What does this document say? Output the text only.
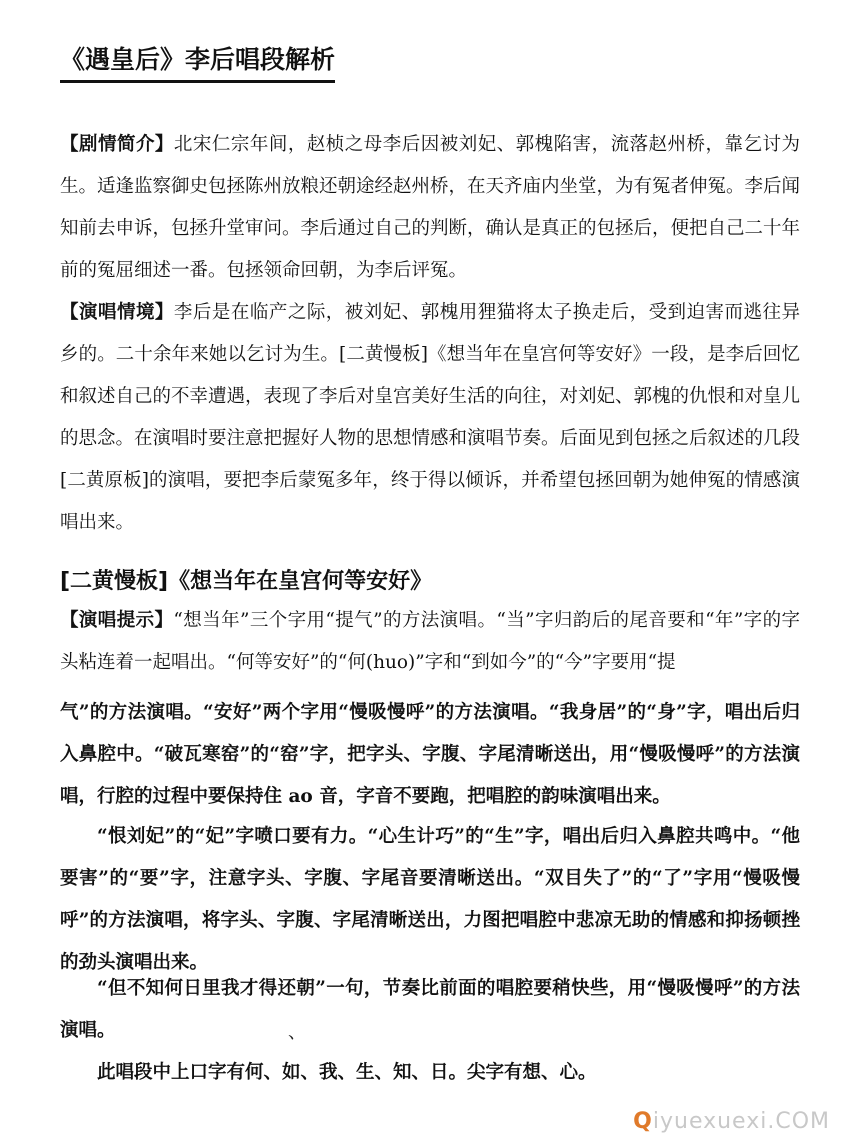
《遇皇后》李后唱段解析

【剧情简介】北宋仁宗年间，赵桢之母李后因被刘妃、郭槐陷害，流落赵州桥，靠乞讨为生。适逢监察御史包拯陈州放粮还朝途经赵州桥，在天齐庙内坐堂，为有冤者伸冤。李后闻知前去申诉，包拯升堂审问。李后通过自己的判断，确认是真正的包拯后，便把自己二十年前的冤屈细述一番。包拯领命回朝，为李后评冤。

【演唱情境】李后是在临产之际，被刘妃、郭槐用狸猫将太子换走后，受到迫害而逃往异乡的。二十余年来她以乞讨为生。[二黄慢板]《想当年在皇宫何等安好》一段，是李后回忆和叙述自己的不幸遭遇，表现了李后对皇宫美好生活的向往，对刘妃、郭槐的仇恨和对皇儿的思念。在演唱时要注意把握好人物的思想情感和演唱节奏。后面见到包拯之后叙述的几段[二黄原板]的演唱，要把李后蒙冤多年，终于得以倾诉，并希望包拯回朝为她伸冤的情感演唱出来。

[二黄慢板]《想当年在皇宫何等安好》

【演唱提示】“想当年”三个字用“提气”的方法演唱。“当”字归韵后的尾音要和“年”字的字头粘连着一起唱出。“何等安好”的“何(huo)”字和“到如今”的“今”字要用“提

气”的方法演唱。“安好”两个字用“慢吸慢呼”的方法演唱。“我身居”的“身”字，唱出后归入鼻腔中。“破瓦寒窑”的“窑”字，把字头、字腹、字尾清晰送出，用“慢吸慢呼”的方法演唱，行腔的过程中要保持住 ao 音，字音不要跑，把唱腔的韵味演唱出来。

“恨刘妃”的“妃”字喷口要有力。“心生计巧”的“生”字，唱出后归入鼻腔共鸣中。“他要害”的“要”字，注意字头、字腹、字尾音要清晰送出。“双目失了”的“了”字用“慢吸慢呼”的方法演唱，将字头、字腹、字尾清晰送出，力图把唱腔中悲凉无助的情感和抑扬顿挫的劲头演唱出来。

“但不知何日里我才得还朝”一句，节奏比前面的唱腔要稍快些，用“慢吸慢呼”的方法演唱。	、

此唱段中上口字有何、如、我、生、知、日。尖字有想、心。

Qiyuexuexi.COM
